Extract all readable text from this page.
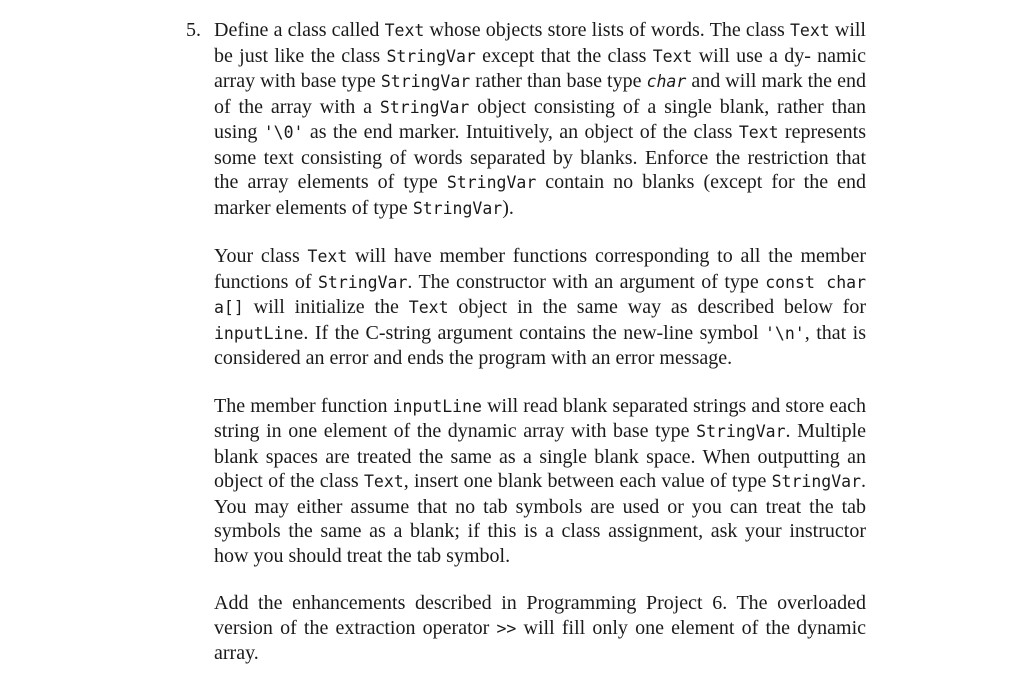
5. Define a class called Text whose objects store lists of words. The class Text will be just like the class StringVar except that the class Text will use a dy- namic array with base type StringVar rather than base type char and will mark the end of the array with a StringVar object consisting of a single blank, rather than using '\0' as the end marker. Intuitively, an object of the class Text represents some text consisting of words separated by blanks. Enforce the restriction that the array elements of type StringVar contain no blanks (except for the end marker elements of type StringVar).

Your class Text will have member functions corresponding to all the member functions of StringVar. The constructor with an argument of type const char a[] will initialize the Text object in the same way as described below for inputLine. If the C-string argument contains the new-line symbol '\n', that is considered an error and ends the program with an error message.

The member function inputLine will read blank separated strings and store each string in one element of the dynamic array with base type StringVar. Multiple blank spaces are treated the same as a single blank space. When outputting an object of the class Text, insert one blank between each value of type StringVar. You may either assume that no tab symbols are used or you can treat the tab symbols the same as a blank; if this is a class assignment, ask your instructor how you should treat the tab symbol.

Add the enhancements described in Programming Project 6. The overloaded version of the extraction operator >> will fill only one element of the dynamic array.
